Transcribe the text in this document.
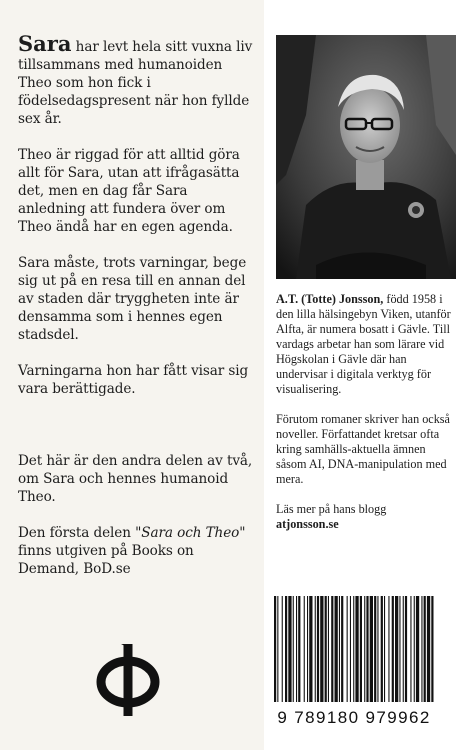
Sara har levt hela sitt vuxna liv tillsammans med humanoiden Theo som hon fick i födelsedagspresent när hon fyllde sex år.

Theo är riggad för att alltid göra allt för Sara, utan att ifrågasätta det, men en dag får Sara anledning att fundera över om Theo ändå har en egen agenda.

Sara måste, trots varningar, bege sig ut på en resa till en annan del av staden där tryggheten inte är densamma som i hennes egen stadsdel.

Varningarna hon har fått visar sig vara berättigade.

Det här är den andra delen av två, om Sara och hennes humanoid Theo.

Den första delen "Sara och Theo" finns utgiven på Books on Demand, BoD.se

A.T. (Totte) Jonsson, född 1958 i den lilla hälsingebyn Viken, utanför Alfta, är numera bosatt i Gävle. Till vardags arbetar han som lärare vid Högskolan i Gävle där han undervisar i digitala verktyg för visualisering.

Förutom romaner skriver han också noveller. Författandet kretsar ofta kring samhälls-aktuella ämnen såsom AI, DNA-manipulation med mera.

Läs mer på hans blogg
atjonsson.se

9 789180 979962
